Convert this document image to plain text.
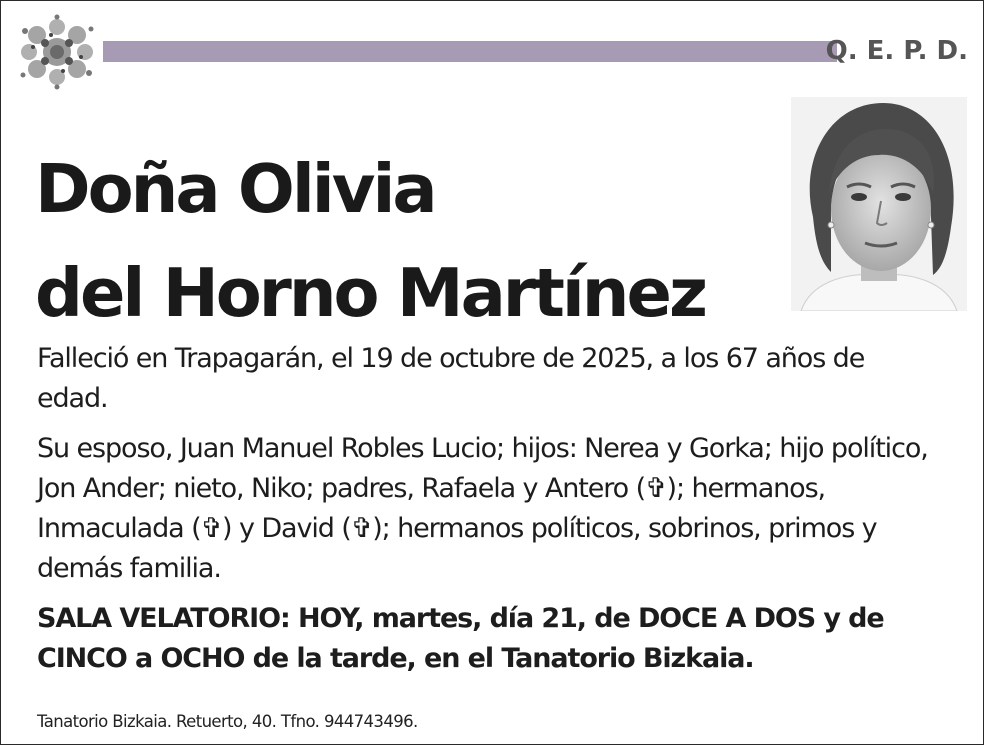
Q. E. P. D.
Doña Olivia
del Horno Martínez

Falleció en Trapagarán, el 19 de octubre de 2025, a los 67 años de edad.

Su esposo, Juan Manuel Robles Lucio; hijos: Nerea y Gorka; hijo político, Jon Ander; nieto, Niko; padres, Rafaela y Antero (✞); hermanos, Inmaculada (✞) y David (✞); hermanos políticos, sobrinos, primos y demás familia.

SALA VELATORIO: HOY, martes, día 21, de DOCE A DOS y de CINCO a OCHO de la tarde, en el Tanatorio Bizkaia.

Tanatorio Bizkaia. Retuerto, 40. Tfno. 944743496.
